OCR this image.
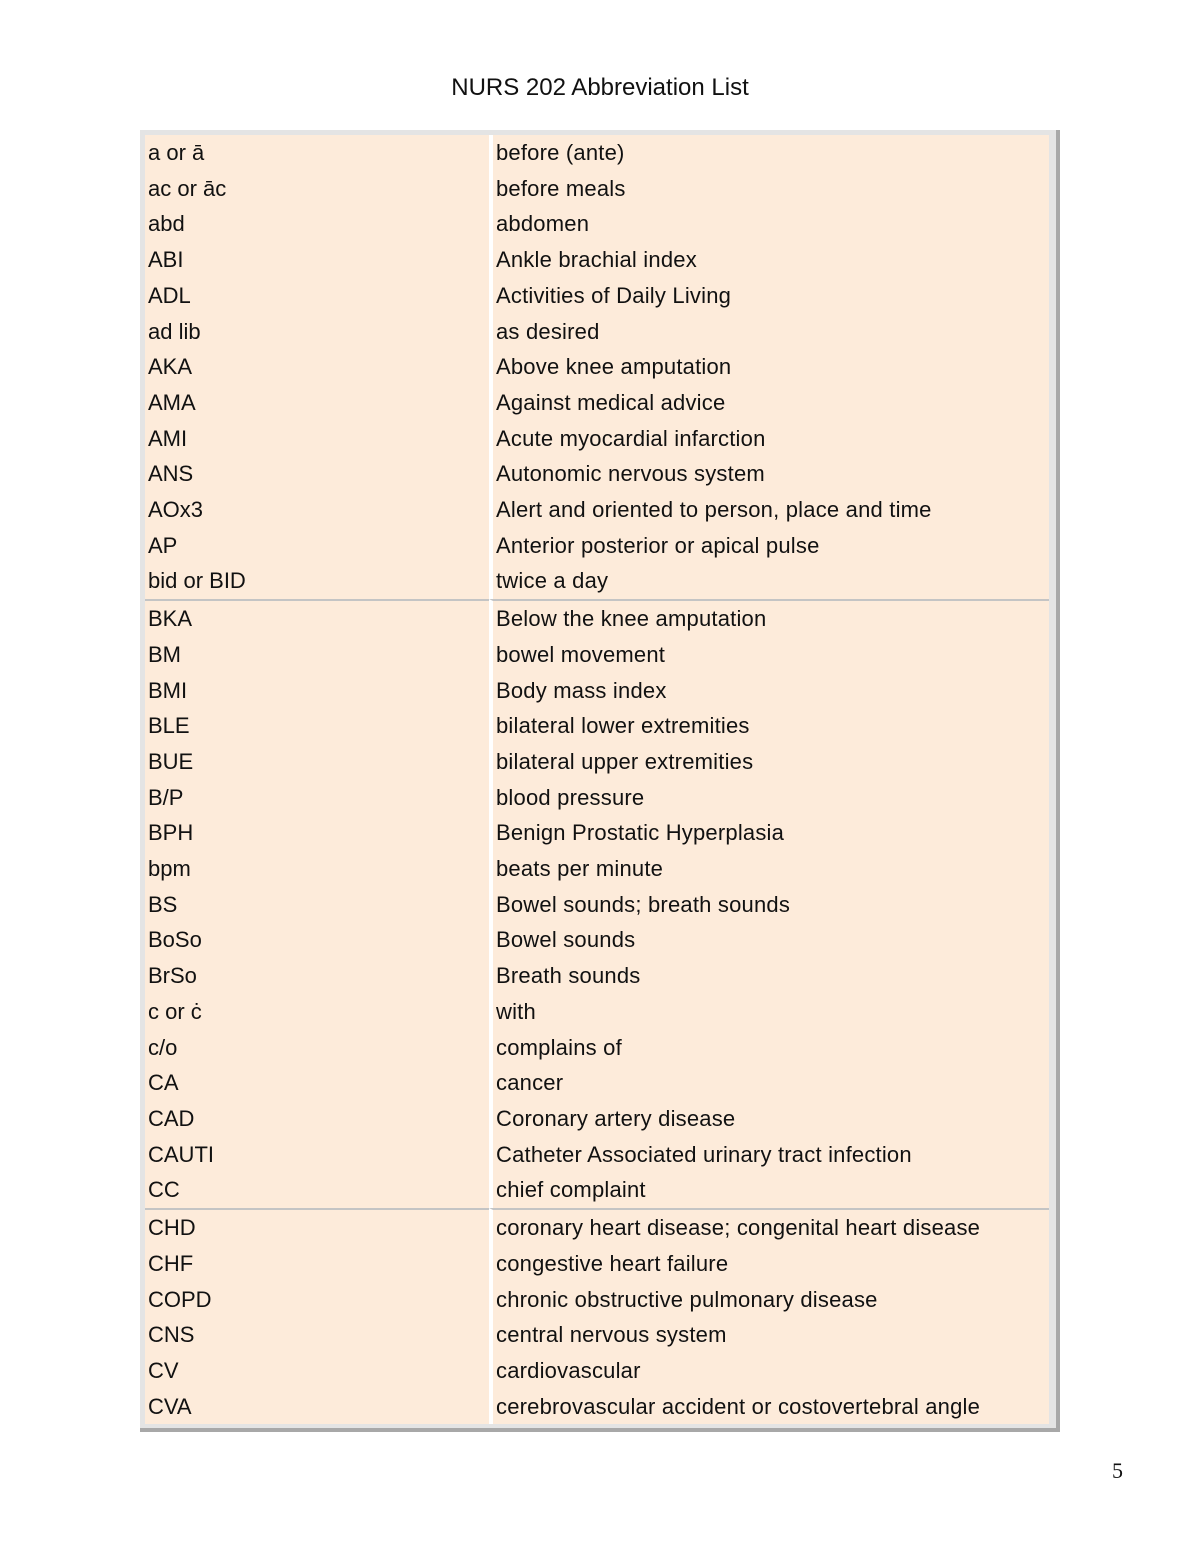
NURS 202 Abbreviation List
a or ā	before (ante)
ac or āc	before meals
abd	abdomen
ABI	Ankle brachial index
ADL	Activities of Daily Living
ad lib	as desired
AKA	Above knee amputation
AMA	Against medical advice
AMI	Acute myocardial infarction
ANS	Autonomic nervous system
AOx3	Alert and oriented to person, place and time
AP	Anterior posterior or apical pulse
bid or BID	twice a day
BKA	Below the knee amputation
BM	bowel movement
BMI	Body mass index
BLE	bilateral lower extremities
BUE	bilateral upper extremities
B/P	blood pressure
BPH	Benign Prostatic Hyperplasia
bpm	beats per minute
BS	Bowel sounds; breath sounds
BoSo	Bowel sounds
BrSo	Breath sounds
c or ċ	with
c/o	complains of
CA	cancer
CAD	Coronary artery disease
CAUTI	Catheter Associated urinary tract infection
CC	chief complaint
CHD	coronary heart disease; congenital heart disease
CHF	congestive heart failure
COPD	chronic obstructive pulmonary disease
CNS	central nervous system
CV	cardiovascular
CVA	cerebrovascular accident or costovertebral angle
5
